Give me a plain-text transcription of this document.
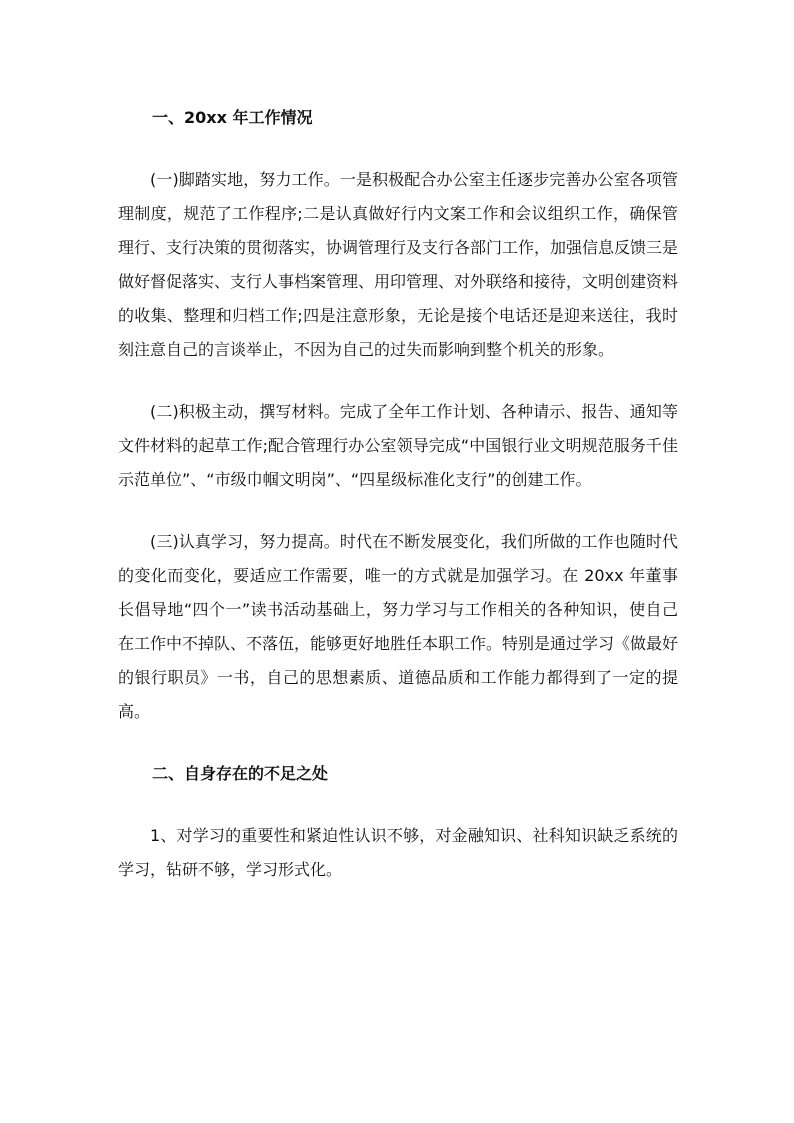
一、20xx 年工作情况

(一)脚踏实地，努力工作。一是积极配合办公室主任逐步完善办公室各项管理制度，规范了工作程序;二是认真做好行内文案工作和会议组织工作，确保管理行、支行决策的贯彻落实，协调管理行及支行各部门工作，加强信息反馈三是做好督促落实、支行人事档案管理、用印管理、对外联络和接待，文明创建资料的收集、整理和归档工作;四是注意形象，无论是接个电话还是迎来送往，我时刻注意自己的言谈举止，不因为自己的过失而影响到整个机关的形象。

(二)积极主动，撰写材料。完成了全年工作计划、各种请示、报告、通知等文件材料的起草工作;配合管理行办公室领导完成“中国银行业文明规范服务千佳示范单位”、“市级巾帼文明岗”、“四星级标准化支行”的创建工作。

(三)认真学习，努力提高。时代在不断发展变化，我们所做的工作也随时代的变化而变化，要适应工作需要，唯一的方式就是加强学习。在 20xx 年董事长倡导地“四个一”读书活动基础上，努力学习与工作相关的各种知识，使自己在工作中不掉队、不落伍，能够更好地胜任本职工作。特别是通过学习《做最好的银行职员》一书，自己的思想素质、道德品质和工作能力都得到了一定的提高。

二、自身存在的不足之处

1、对学习的重要性和紧迫性认识不够，对金融知识、社科知识缺乏系统的学习，钻研不够，学习形式化。
